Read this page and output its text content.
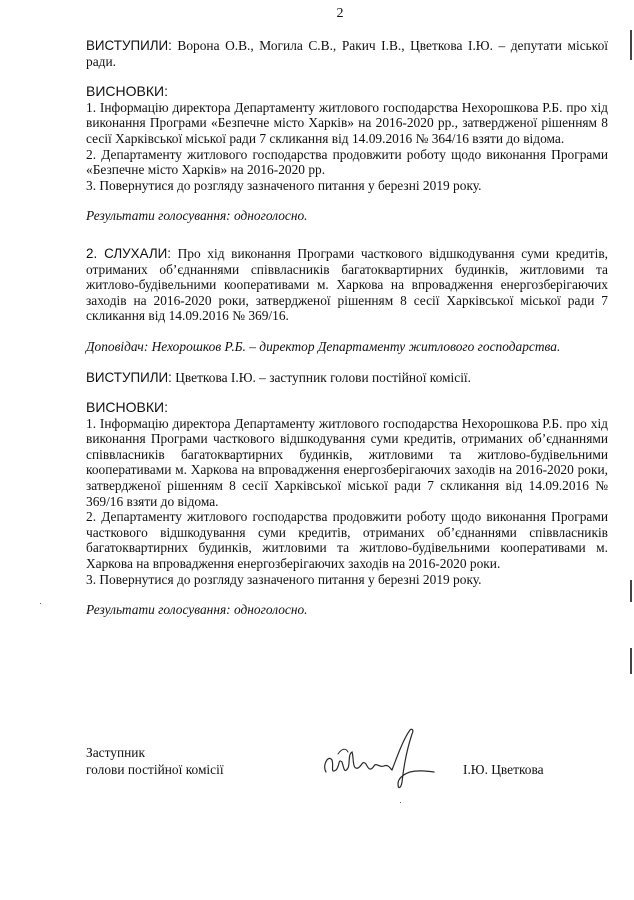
2

ВИСТУПИЛИ: Ворона О.В., Могила С.В., Ракич І.В., Цветкова І.Ю. – депутати міської ради.

ВИСНОВКИ:

1. Інформацію директора Департаменту житлового господарства Нехорошкова Р.Б. про хід виконання Програми «Безпечне місто Харків» на 2016-2020 рр., затвердженої рішенням 8 сесії Харківської міської ради 7 скликання від 14.09.2016 № 364/16 взяти до відома.

2. Департаменту житлового господарства продовжити роботу щодо виконання Програми «Безпечне місто Харків» на 2016-2020 рр.

3. Повернутися до розгляду зазначеного питання у березні 2019 року.

Результати голосування: одноголосно.

2. СЛУХАЛИ: Про хід виконання Програми часткового відшкодування суми кредитів, отриманих об’єднаннями співвласників багатоквартирних будинків, житловими та житлово-будівельними кооперативами м. Харкова на впровадження енергозберігаючих заходів на 2016-2020 роки, затвердженої рішенням 8 сесії Харківської міської ради 7 скликання від 14.09.2016 № 369/16.

Доповідач: Нехорошков Р.Б. – директор Департаменту житлового господарства.

ВИСТУПИЛИ: Цветкова І.Ю. – заступник голови постійної комісії.

ВИСНОВКИ:

1. Інформацію директора Департаменту житлового господарства Нехорошкова Р.Б. про хід виконання Програми часткового відшкодування суми кредитів, отриманих об’єднаннями співвласників багатоквартирних будинків, житловими та житлово-будівельними кооперативами м. Харкова на впровадження енергозберігаючих заходів на 2016-2020 роки, затвердженої рішенням 8 сесії Харківської міської ради 7 скликання від 14.09.2016 № 369/16 взяти до відома.

2. Департаменту житлового господарства продовжити роботу щодо виконання Програми часткового відшкодування суми кредитів, отриманих об’єднаннями співвласників багатоквартирних будинків, житловими та житлово-будівельними кооперативами м. Харкова на впровадження енергозберігаючих заходів на 2016-2020 роки.

3. Повернутися до розгляду зазначеного питання у березні 2019 року.

Результати голосування: одноголосно.

Заступник
голови постійної комісії	І.Ю. Цветкова
